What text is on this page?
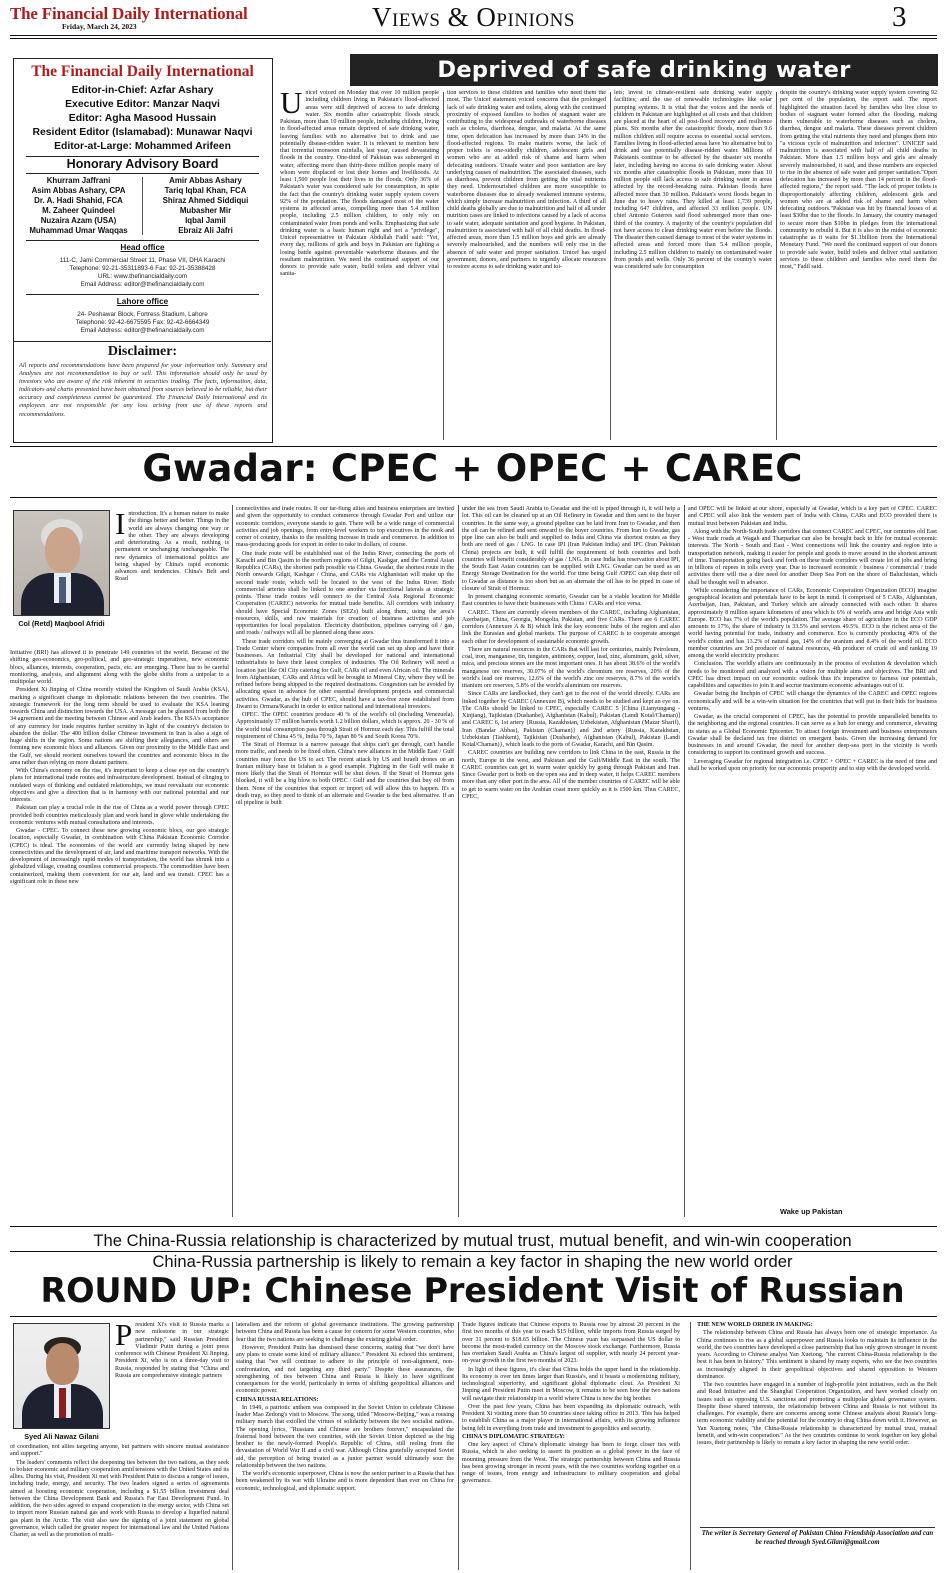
The Financial Daily International
Friday, March 24, 2023	Views & Opinions	3
The Financial Daily International
Editor-in-Chief: Azfar Ashary
Executive Editor: Manzar Naqvi
Editor: Agha Masood Hussain
Resident Editor (Islamabad): Munawar Naqvi
Editor-at-Large: Mohammed Arifeen
Honorary Advisory Board
Khurram Jaffrani
Asim Abbas Ashary, CPA
Dr. A. Hadi Shahid, FCA
M. Zaheer Quindeel
Nuzaira Azam (USA)
Muhammad Umar Waqqas
Amir Abbas Ashary
Tariq Iqbal Khan, FCA
Shiraz Ahmed Siddiqui
Mubasher Mir
Iqbal Jamil
Ebraiz Ali Jafri
Head office
111-C, Jami Commercial Street 11, Phase VII, DHA Karachi
Telephone: 92-21-35311893-6 Fax: 92-21-35388428
URL: www.thefinancialdaily.com
Email Address: editor@thefinancialdaily.com
Lahore office
24- Peshawar Block, Fortress Stadium, Lahore
Telephone: 92-42-6675595 Fax: 92-42-6664349
Email Address: editor@thefinancialdaily.com
Disclaimer:
All reports and recommendations have been prepared for your information only. Summary and Analyses are not recommendation to buy or sell. This information should only be used by investors who are aware of the risk inherent in securities trading. The facts, information, data, indicators and charts presented have been obtained from sources believed to be reliable, but their accuracy and completeness cannot be guaranteed. The Financial Daily International and its employees are not responsible for any loss arising from use of these reports and recommendations.
Deprived of safe drinking water
U nicef voiced on Monday that over 10 million people including children living in Pakistan's flood-affected areas were still deprived of access to safe drinking water. Six months after catastrophic floods struck Pakistan, more than 10 million people, including children, living in flood-affected areas remain deprived of safe drinking water, leaving families with no alternative but to drink and use potentially disease-ridden water. It is relevant to mention here that torrential monsoon rainfalls, last year, caused devastating floods in the country. One-third of Pakistan was submerged in water, affecting more than thirty-three million people many of whom were displaced or lost their homes and livelihoods. At least 1,500 people lost their lives in the floods. Only 36% of Pakistan's water was considered safe for consumption, in spite the fact that the country's drinking water supply system covers 92% of the population. The floods damaged most of the water systems in affected areas, compelling more than 5.4 million people, including 2.5 million children, to only rely on contaminated water from ponds and wells. Emphasizing that safe drinking water is a basic human right and not a "privilege", Unicef representative in Pakistan Abdullah Fadil said: "Yet, every day, millions of girls and boys in Pakistan are fighting a losing battle against preventable waterborne diseases and the resultant malnutrition. We need the continued support of our donors to provide safe water, build toilets and deliver vital sanita-
tion services to these children and families who need them the most. The Unicef statement voiced concerns that the prolonged lack of safe drinking water and toilets, along with the continued proximity of exposed families to bodies of stagnant water are contributing to the widespread outbreaks of waterborne diseases such as cholera, diarrhoea, dengue, and malaria. At the same time, open defecation has increased by more than 14% in the flood-affected regions. To make matters worse, the lack of proper toilets is one-sidedly children, adolescent girls and women who are at added risk of shame and harm when defecating outdoors. Unsafe water and poor sanitation are key underlying causes of malnutrition. The associated diseases, such as diarrhoea, prevent children from getting the vital nutrients they need. Undernourished children are more susceptible to waterborne diseases due to already weakened immune systems, which simply increase malnutrition and infection. A third of all child deaths globally are due to malnutrition and half of all under nutrition cases are linked to infections caused by a lack of access to safe water, adequate sanitation and good hygiene. In Pakistan, malnutrition is associated with half of all child deaths. In flood-affected areas, more than 1.5 million boys and girls are already severely malnourished, and the numbers will only rise in the absence of safe water and proper sanitation. Unicef has urged government, donors, and partners to urgently allocate resources to restore access to safe drinking water and toi-
lets; invest in climate-resilient safe drinking water supply facilities; and the use of renewable technologies like solar pumping systems. It is vital that the voices and the needs of children in Pakistan are highlighted at all costs and that children are placed at the heart of all post-flood recovery and resilience plans. Six months after the catastrophic floods, more than 9.6 million children still require access to essential social services. Families living in flood-affected areas have 'no alternative but to drink and use potentially disease-ridden water. Millions of Pakistanis continue to be affected by the disaster six months later, including having no access to safe drinking water. About six months after catastrophic floods in Pakistan, more than 10 million people still lack access to safe drinking water in areas affected by the record-breaking rains. Pakistan floods have affected more than 30 million. Pakistan's worst floods began in June due to heavy rains. They killed at least 1,739 people, including 647 children, and affected 33 million people. UN chief Antonio Guterres said flood submerged more than one-third of the country. A majority of the country's population did not have access to clean drinking water even before the floods. The disaster then caused damage to most of the water systems in affected areas and forced more than 5.4 million people, including 2.5 million children to mainly on contaminated water from ponds and wells. Only 36 percent of the country's water was considered safe for consumption
despite the country's drinking water supply system covering 92 per cent of the population, the report said. The report highlighted the situation faced by families who live close to bodies of stagnant water formed after the flooding, making them vulnerable to waterborne diseases such as cholera, diarrhea, dengue and malaria. These diseases prevent children from getting the vital nutrients they need and plunges them into "a vicious cycle of malnutrition and infection". UNICEF said malnutrition is associated with half of all child deaths in Pakistan. More than 1.5 million boys and girls are already severely malnourished, it said, and those numbers are expected to rise in the absence of safe water and proper sanitation."Open defecation has increased by more than 14 percent in the flood-affected regions," the report said. "The lack of proper toilets is disproportionately affecting children, adolescent girls and women who are at added risk of shame and harm when defecating outdoors."Pakistan was hit by financial losses of at least $30bn due to the floods. In January, the country managed to secure more than $10bn in pledges from the international community to rebuild it. But it is also in the midst of economic catastrophe as it waits for $1.1billion from the International Monetary Fund. "We need the continued support of our donors to provide safe water, build toilets and deliver vital sanitation services to these children and families who need them the most," Fadil said.
Gwadar: CPEC + OPEC + CAREC
Col (Retd) Maqbool Afridi
I ntroduction. It's a human nature to make the things better and better. Things in the world are always changing one way or the other. They are always developing and deteriorating. As a result, nothing is permanent or unchanging /unchangeable. The new dynamics of international politics are being shaped by China's rapid economic advances and tendencies. China's Belt and Road

Initiative (BRI) has allowed it to penetrate 149 countries of the world. Because of the shifting geo-economics, geo-political, and geo-strategic imperatives, new economic blocs, alliances, interests, cooperation, pacts, etc. are emerging. There has to be careful monitoring, analysis, and alignment along with the globe shifts from a unipolar to a multipolar world.

President Xi Jinping of China recently visited the Kingdom of Saudi Arabia (KSA), marking a significant change in diplomatic relations between the two countries. The strategic framework for the long term should be used to evaluate the KSA leaning towards China and distinction towards the USA. A message can be gleaned from both the 34 agreement and the meeting between Chinese and Arab leaders. The KSA's acceptance of any currency for trade requires further scrutiny in light of the country's decision to abandon the dollar. The 400 billion dollar Chinese investment in Iran is also a sign of huge shifts in the region. Some nations are shifting their allegiances, and others are forming new economic blocs and alliances. Given our proximity to the Middle East and the Gulf, we should reorient ourselves toward the countries and economic blocs in the area rather than relying on more distant partners.

With China's economy on the rise, it's important to keep a close eye on the country's plans for international trade routes and infrastructure development. Instead of clinging to outdated ways of thinking and outdated relationships, we must reevaluate our economic objectives and give a direction that is in harmony with our national potential and our interests.

Pakistan can play a crucial role in the rise of China as a world power through CPEC provided both countries meticulously plan and work hand in glove while undertaking the economic ventures with mutual consultations and interests.

Gwadar - CPEC. To connect these new growing economic blocs, our geo strategic location, especially Gwadar, in combination with China Pakistan Economic Corridor (CPEC) is ideal. The economies of the world are currently being shaped by new connectivities and the development of air, land and maritime transport networks. With the development of increasingly rapid modes of transportation, the world has shrunk into a globalized village, creating countless commercial prospects. The commodities have been containerized, making them convenient for our air, land and sea transit. CPEC has a significant role in these new

connectivities and trade routes. If our far-flung allies and business enterprises are invited and given the opportunity to conduct commerce through Gwadar Port and utilize our economic corridors, everyone stands to gain. There will be a wide range of commercial activities and job openings, from entry-level workers to top executives in the nook and corner of country, thanks to the resulting increase in trade and commerce. In addition to mass-producing goods for export in order to rake in dollars, of course.

One trade route will be established east of the Indus River, connecting the ports of Karachi and Bin Qasim to the northern regions of Gilgit, Kashgar, and the Central Asian Republics (CARs), the shortest path possible via China. Gwadar, the shortest route in the North onwards Gilgit, Kashgar / China, and CARs via Afghanistan will make up the second trade route, which will be located to the west of the Indus River. Both commercial arteries shall be linked to one another via functional laterals at strategic points. These trade routes will connect to the Central Asia Regional Economic Cooperation (CAREC) networks for mutual trade benefits. All corridors with industry should have Special Economic Zones (SEZs) built along them, using the area's resources, skills, and raw materials for creation of business activities and job opportunities for local population. Electricity distribution, pipelines carrying oil / gas, and roads / railways will all be planned along these axes.

These trade corridors will be mainly converging at Gwadar thus transformed it into a Trade Center where companies from all over the world can set up shop and have their businesses. An Industrial City shall be developed for national and international industrialists to have their latest complex of industries. The Oil Refinery will need a location just like Oil City catering for Gulf, CARs oil and even African oil. The minerals from Afghanistan, CARs and Africa will be brought to Mineral City, where they will be refined before being shipped to the required destinations. Congestion can be avoided by allocating space in advance for other essential development projects and commercial activities. Gwadar, as the hub of CPEC, should have a tax-free zone established from Jiwani to Ormara/Karachi in order to entice national and international investors.

OPEC. The OPEC countries produce 40 % of the world's oil (including Venezuela). Approximately 17 million barrels worth 1.2 billion dollars, which is approx. 20 - 30 % of the world total consumption pass through Strait of Hormuz each day. This fulfill the total requirement of China 45 %, India 70 %, Japan 80 % and South Korea 70%.

The Strait of Hormuz is a narrow passage that ships can't get through, can't handle more traffic, and needs to be fixed often. China's new alliances in the Middle East / Gulf countries may force the US to act. The recent attack by US and Israeli drones on an Iranian military base in Isfahan is a good example. Fighting in the Gulf will make it more likely that the Strait of Hormuz will be shut down. If the Strait of Hormuz gets blocked, it will be a big blow to both OPEC / Gulf and the countries that buy oil from them. None of the countries that export or import oil will allow this to happen. It's a death trap, so they need to think of an alternate and Gwadar is the best alternative. If an oil pipeline is built

under the sea from Saudi Arabia to Gwadar and the oil is piped through it, it will help a lot. This oil can be cleaned up at an Oil Refinery in Gwadar and then sent to the buyer countries. In the same way, a ground pipeline can be laid from Iran to Gwadar, and then the oil can be refined and sent onward to the buyer countries. From Iran to Gwadar, gas pipe line can also be built and supplied to India and China via shortest routes as they both are need of gas / LNG. In case IPI (Iran Pakistan India) and IPC (Iran Pakistan China) projects are built, it will fulfill the requirement of both countries and both countries will benefit considerably of gas / LNG. In case India has reservation about IPI, the South East Asian countries can be supplied with LNG. Gwadar can be used as an Energy Storage Destination for the world. For time being Gulf /OPEC can ship their oil to Gwadar as distance is too short but as an alternate the oil has to be piped in case of closure of Strait of Hormuz.

In present changing economic scenario, Gwadar can be a viable location for Middle East countries to have their businesses with China / CARs and vice versa.

CAREC. There are currently eleven members of the CAREC, including Afghanistan, Azerbaijan, China, Georgia, Mongolia, Pakistan, and five CARs. There are 6 CAREC corridors (Annexure A & B) which link the key economic hubs of the region and also link the Eurasian and global markets. The purpose of CAREC is to cooperate amongst each other for development of sustainable economic growth.

There are natural resources in the CARs that will last for centuries, mainly Petroleum, coal, iron, manganese, tin, tungsten, antimony, copper, lead, zinc, aluminum, gold, silver, mica, and precious stones are the most important ones. It has about 38.6% of the world's manganese ore reserves, 30.07% of the world's chromium ore reserves, 20% of the world's lead ore reserves, 12.6% of the world's zinc ore reserves, 8.7% of the world's titanium ore reserves, 5.8% of the world's aluminum ore reserves.

Since CARs are landlocked, they can't get to the rest of the world directly. CARs are linked together by CAREC (Annexure B), which needs to be studied and kept an eye on. The CARs should be linked to CPEC, especially CAREC 5 [China (Lianyungang - Xinjiang), Tajikistan (Dushanbe), Afghanistan (Kabul), Pakistan (Landi Kotal/Chaman)] and CAREC 6, 1st artery {Russia, Kazakhstan, Uzbekistan, Afghanistan (Mazar Sharif), Iran (Bandar Abbas), Pakistan (Chaman)} and 2nd artery {Russia, Kazakhstan, Uzbekistan (Tashkent), Tajikistan (Dushanbe), Afghanistan (Kabul), Pakistan (Landi Kotal/Chaman)}, which leads to the ports of Gwadar, Karachi, and Bin Qasim.

CAREC countries are building new corridors to link China in the east, Russia in the north, Europe in the west, and Pakistan and the Gulf/Middle East in the south. The CAREC countries can get to warm water quickly by going through Pakistan and Iran. Since Gwadar port is both on the open sea and in deep water, it helps CAREC members more than any other port in the area. All of the member countries of CAREC will be able to get to warm water on the Arabian coast more quickly as it is 1500 km. Thus CAREC, CPEC,

and OPEC will be linked at our shore, especially at Gwadar, which is a key part of CPEC. CAREC and CPEC will also link the western part of India with China, CARs and ECO provided there is mutual trust between Pakistan and India.

Along with the North-South trade corridors that connect CAREC and CPEC, our centuries old East - West trade roads at Wagah and Tharparkar can also be brought back to life for mutual economic interests. The North - South and East - West connections will link the country and region into a transportation network, making it easier for people and goods to move around in the shortest amount of time. Transportation going back and forth on these trade corridors will create lot of jobs and bring in billions of rupees in tolls every year. Due to increased economic / business / commercial / trade activities there will rise a dire need for another Deep Sea Port on the shore of Baluchistan, which shall be thought well in advance.

While considering the importance of CARs, Economic Cooperation Organization (ECO) imagine geographical location and potentials have to be kept in mind. It comprised of 5 CARs, Afghanistan, Azerbaijan, Iran, Pakistan, and Turkey which are already connected with each other. It shares approximately 8 million square kilometers of area which is 6% of world's area and bridge Asia with Europe. ECO has 7% of the world's population. The average share of agriculture in the ECO GDP amounts to 17%, the share of industry is 33.5% and services 49.5%. ECO is the richest area of the world having potential for trade, industry and commerce. Eco is currently producing 40% of the world's cotton and has 13.2% of natural gas, 14% of the uranium and 8.4% of the world oil. ECO member countries are 3rd producer of natural resources, 4th producer of crude oil and ranking 19 among the world electricity producer.

Conclusion. The worldly affairs are continuously in the process of evolution & devolution which needs to be monitored and analyzed with a vision for multiple aims and objectives. The BRI and CPEC has direct impact on our economic outlook thus it's imperative to harness our potentials, capabilities and capacities to join it and accrue maximum economic advantages out of it.

Gwadar being the linchpin of CPEC will change the dynamics of the CAREC and OPEC regions economically and will be a win-win situation for the countries that will put in their bids for business ventures.

Gwadar, as the crucial component of CPEC, has the potential to provide unparalleled benefits to the neighboring and the regional countries. It can serve as a hub for energy and commerce, elevating its status as a Global Economic Epicenter. To attract foreign investment and business entrepreneurs Gwadar shall be declared tax free district on emergent basis. Given the increasing demand for businesses in and around Gwadar, the need for another deep-sea port in the vicinity is worth considering to support its continued growth and success.

Leveraging Gwadar for regional integration i.e. CPEC + OPEC + CAREC is the need of time and shall be worked upon on priority for our economic prosperity and to step with the developed world.

Wake up Pakistan
The China-Russia relationship is characterized by mutual trust, mutual benefit, and win-win cooperation
China-Russia partnership is likely to remain a key factor in shaping the new world order
ROUND UP: Chinese President Visit of Russian
Syed Ali Nawaz Gilani
P resident Xi's visit to Russia marks a new milestone in our strategic partnership," said Russian President Vladimir Putin during a joint press conference with Chinese President Xi Jinping. President Xi, who is on a three-day visit to Russia, responded by stating that "China and Russia are comprehensive strategic partners

of coordination, not allies targeting anyone, but partners with sincere mutual assistance and support."

The leaders' comments reflect the deepening ties between the two nations, as they seek to bolster economic and military cooperation amid tensions with the United States and its allies. During his visit, President Xi met with President Putin to discuss a range of issues, including trade, energy, and security. The two leaders signed a series of agreements aimed at boosting economic cooperation, including a $1.55 billion investment deal between the China Development Bank and Russia's Far East Development Fund. In addition, the two sides agreed to expand cooperation in the energy sector, with China set to import more Russian natural gas and work with Russia to develop a liquefied natural gas plant in the Arctic. The visit also saw the signing of a joint statement on global governance, which called for greater respect for international law and the United Nations Charter, as well as the promotion of multi-

lateralism and the reform of global governance institutions. The growing partnership between China and Russia has been a cause for concern for some Western countries, who fear that the two nations are seeking to challenge the existing global order.

However, President Putin has dismissed these concerns, stating that "we don't have any plans to create some kind of military alliance." President Xi echoed this sentiment, stating that "we will continue to adhere to the principle of non-alignment, non-confrontation, and not targeting any third party." Despite these assurances, the strengthening of ties between China and Russia is likely to have significant consequences for the world, particularly in terms of shifting geopolitical alliances and economic power.

CHINA RUSSIA RELATIONS:

In 1949, a patriotic anthem was composed in the Soviet Union to celebrate Chinese leader Mao Zedong's visit to Moscow. The song, titled "Moscow-Beijing," was a rousing military march that extolled the virtues of solidarity between the two socialist nations. The opening lyrics, "Russians and Chinese are brothers forever," encapsulated the fraternal bond between the two countries, with the Soviet Union depicted as the big brother to the newly-formed People's Republic of China, still reeling from the devastation of World War II and a civil war. Although China gratefully accepted Soviet aid, the perception of being treated as a junior partner would ultimately sour the relationship between the two nations.

The world's economic superpower, China is now the senior partner to a Russia that has been weakened by its war with Ukraine and is more dependent than ever on China for economic, technological, and diplomatic support.

Trade figures indicate that Chinese exports to Russia rose by almost 20 percent in the first two months of this year to reach $15 billion, while imports from Russia surged by over 31 percent to $18.65 billion. The Chinese yuan has surpassed the US dollar to become the most-traded currency on the Moscow stock exchange. Furthermore, Russia has overtaken Saudi Arabia as China's largest oil supplier, with nearly 24 percent year-on-year growth in the first two months of 2023.

In light of these figures, it's clear that China holds the upper hand in the relationship. Its economy is over ten times larger than Russia's, and it boasts a modernizing military, technological superiority, and significant global diplomatic clout. As President Xi Jinping and President Putin meet in Moscow, it remains to be seen how the two nations will navigate their relationship in a world where China is now the big brother.

Over the past few years, China has been expanding its diplomatic outreach, with President Xi visiting more than 50 countries since taking office in 2013. This has helped to establish China as a major player in international affairs, with its growing influence being felt in everything from trade and investment to geopolitics and security.

CHINA'S DIPLOMATIC STRATEGY:

One key aspect of China's diplomatic strategy has been to forge closer ties with Russia, which is also seeking to assert its position as a global power in the face of mounting pressure from the West. The strategic partnership between China and Russia has been growing stronger in recent years, with the two countries working together on a range of issues, from energy and infrastructure to military cooperation and global governance.

THE NEW WORLD ORDER IN MAKING:

The relationship between China and Russia has always been one of strategic importance. As China continues to rise as a global superpower and Russia looks to maintain its influence in the world, the two countries have developed a close partnership that has only grown stronger in recent years. According to Chinese analyst Yan Xuetong, "the current China-Russia relationship is the best it has been in history." This sentiment is shared by many experts, who see the two countries as increasingly aligned in their geopolitical objectives and shared opposition to Western dominance.

The two countries have engaged in a number of high-profile joint initiatives, such as the Belt and Road Initiative and the Shanghai Cooperation Organization, and have worked closely on issues such as opposing U.S. sanctions and promoting a multipolar global governance system. Despite these shared interests, the relationship between China and Russia is not without its challenges. For example, there are concerns among some Chinese analysts about Russia's long-term economic viability and the potential for the country to drag China down with it. However, as Yan Xuetong notes, "the China-Russia relationship is characterized by mutual trust, mutual benefit, and win-win cooperation." As the two countries continue to work together on key global issues, their partnership is likely to remain a key factor in shaping the new world order.

The writer is Secretary General of Pakistan China Friendship Association and can be reached through Syed.Gilani@gmail.com
